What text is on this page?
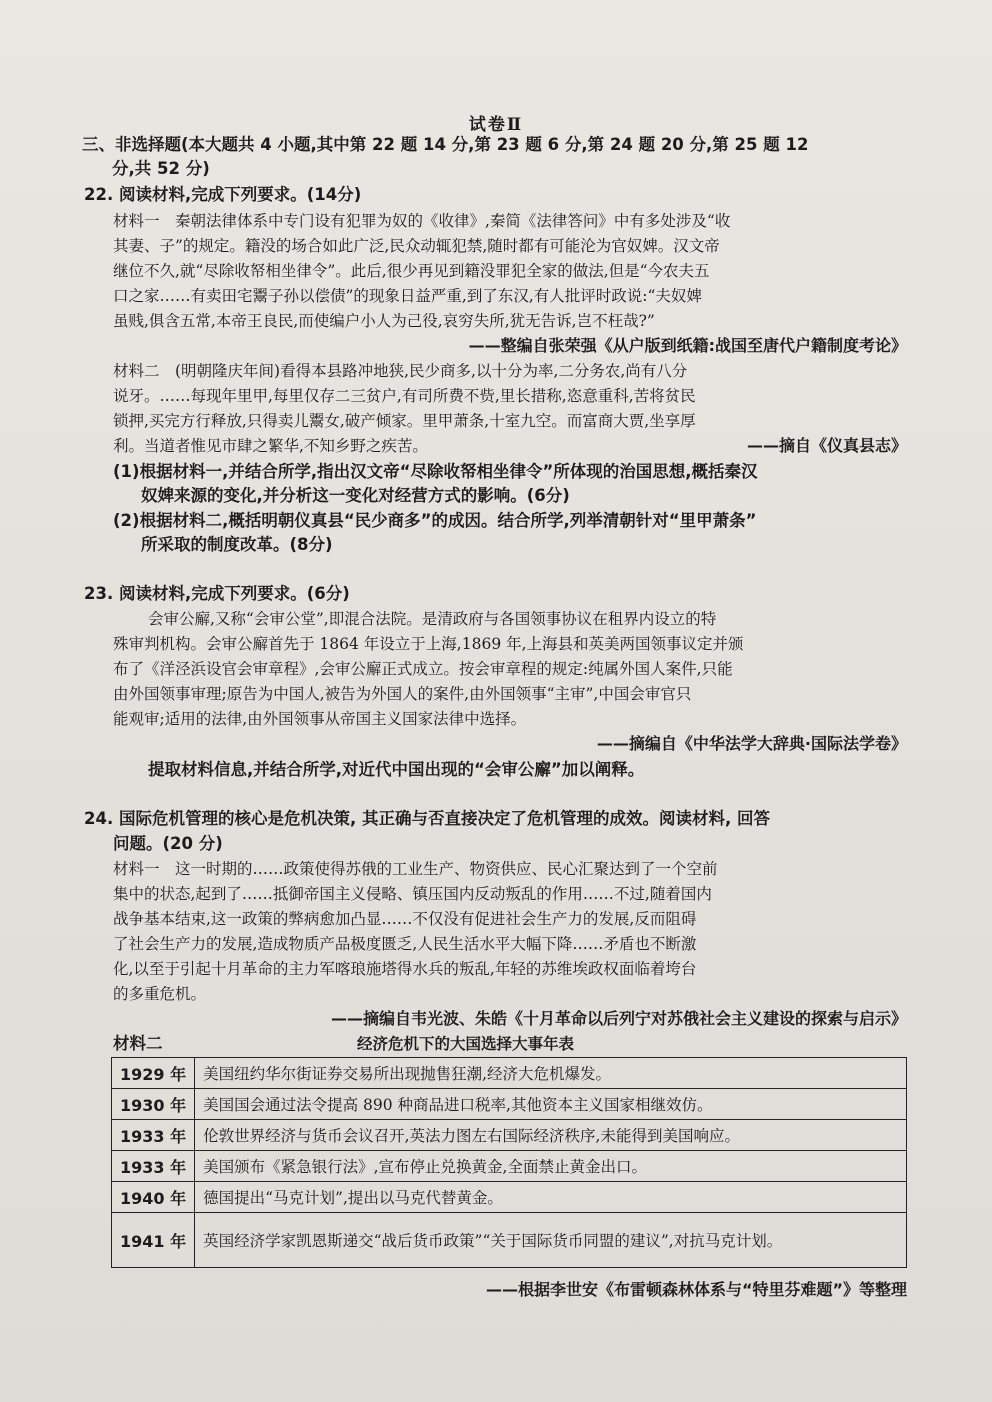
试卷Ⅱ
三、非选择题(本大题共 4 小题,其中第 22 题 14 分,第 23 题 6 分,第 24 题 20 分,第 25 题 12
分,共 52 分)
22. 阅读材料,完成下列要求。(14分)
材料一　秦朝法律体系中专门设有犯罪为奴的《收律》,秦简《法律答问》中有多处涉及“收
其妻、子”的规定。籍没的场合如此广泛,民众动辄犯禁,随时都有可能沦为官奴婢。汉文帝
继位不久,就“尽除收帑相坐律令”。此后,很少再见到籍没罪犯全家的做法,但是“今农夫五
口之家……有卖田宅鬻子孙以偿债”的现象日益严重,到了东汉,有人批评时政说:“夫奴婢
虽贱,俱含五常,本帝王良民,而使编户小人为己役,哀穷失所,犹无告诉,岂不枉哉?”
——整编自张荣强《从户版到纸籍:战国至唐代户籍制度考论》
材料二　(明朝隆庆年间)看得本县路冲地狭,民少商多,以十分为率,二分务农,尚有八分
说牙。……每现年里甲,每里仅存二三贫户,有司所费不赀,里长措称,恣意重科,苦将贫民
锁押,买完方行释放,只得卖儿鬻女,破产倾家。里甲萧条,十室九空。而富商大贾,坐享厚
利。当道者惟见市肆之繁华,不知乡野之疾苦。	——摘自《仪真县志》
(1)根据材料一,并结合所学,指出汉文帝“尽除收帑相坐律令”所体现的治国思想,概括秦汉
奴婢来源的变化,并分析这一变化对经营方式的影响。(6分)
(2)根据材料二,概括明朝仪真县“民少商多”的成因。结合所学,列举清朝针对“里甲萧条”
所采取的制度改革。(8分)
23. 阅读材料,完成下列要求。(6分)
会审公廨,又称“会审公堂”,即混合法院。是清政府与各国领事协议在租界内设立的特
殊审判机构。会审公廨首先于 1864 年设立于上海,1869 年,上海县和英美两国领事议定并颁
布了《洋泾浜设官会审章程》,会审公廨正式成立。按会审章程的规定:纯属外国人案件,只能
由外国领事审理;原告为中国人,被告为外国人的案件,由外国领事“主审”,中国会审官只
能观审;适用的法律,由外国领事从帝国主义国家法律中选择。
——摘编自《中华法学大辞典·国际法学卷》
提取材料信息,并结合所学,对近代中国出现的“会审公廨”加以阐释。
24. 国际危机管理的核心是危机决策, 其正确与否直接决定了危机管理的成效。阅读材料, 回答
问题。(20 分)
材料一　这一时期的……政策使得苏俄的工业生产、物资供应、民心汇聚达到了一个空前
集中的状态,起到了……抵御帝国主义侵略、镇压国内反动叛乱的作用……不过,随着国内
战争基本结束,这一政策的弊病愈加凸显……不仅没有促进社会生产力的发展,反而阻碍
了社会生产力的发展,造成物质产品极度匮乏,人民生活水平大幅下降……矛盾也不断激
化,以至于引起十月革命的主力军喀琅施塔得水兵的叛乱,年轻的苏维埃政权面临着垮台
的多重危机。
——摘编自韦光波、朱皓《十月革命以后列宁对苏俄社会主义建设的探索与启示》
材料二	经济危机下的大国选择大事年表
1929 年	美国纽约华尔街证券交易所出现抛售狂潮,经济大危机爆发。
1930 年	美国国会通过法令提高 890 种商品进口税率,其他资本主义国家相继效仿。
1933 年	伦敦世界经济与货币会议召开,英法力图左右国际经济秩序,未能得到美国响应。
1933 年	美国颁布《紧急银行法》,宣布停止兑换黄金,全面禁止黄金出口。
1940 年	德国提出“马克计划”,提出以马克代替黄金。
1941 年	英国经济学家凯恩斯递交“战后货币政策”“关于国际货币同盟的建议”,对抗马克计划。
——根据李世安《布雷顿森林体系与“特里芬难题”》等整理
